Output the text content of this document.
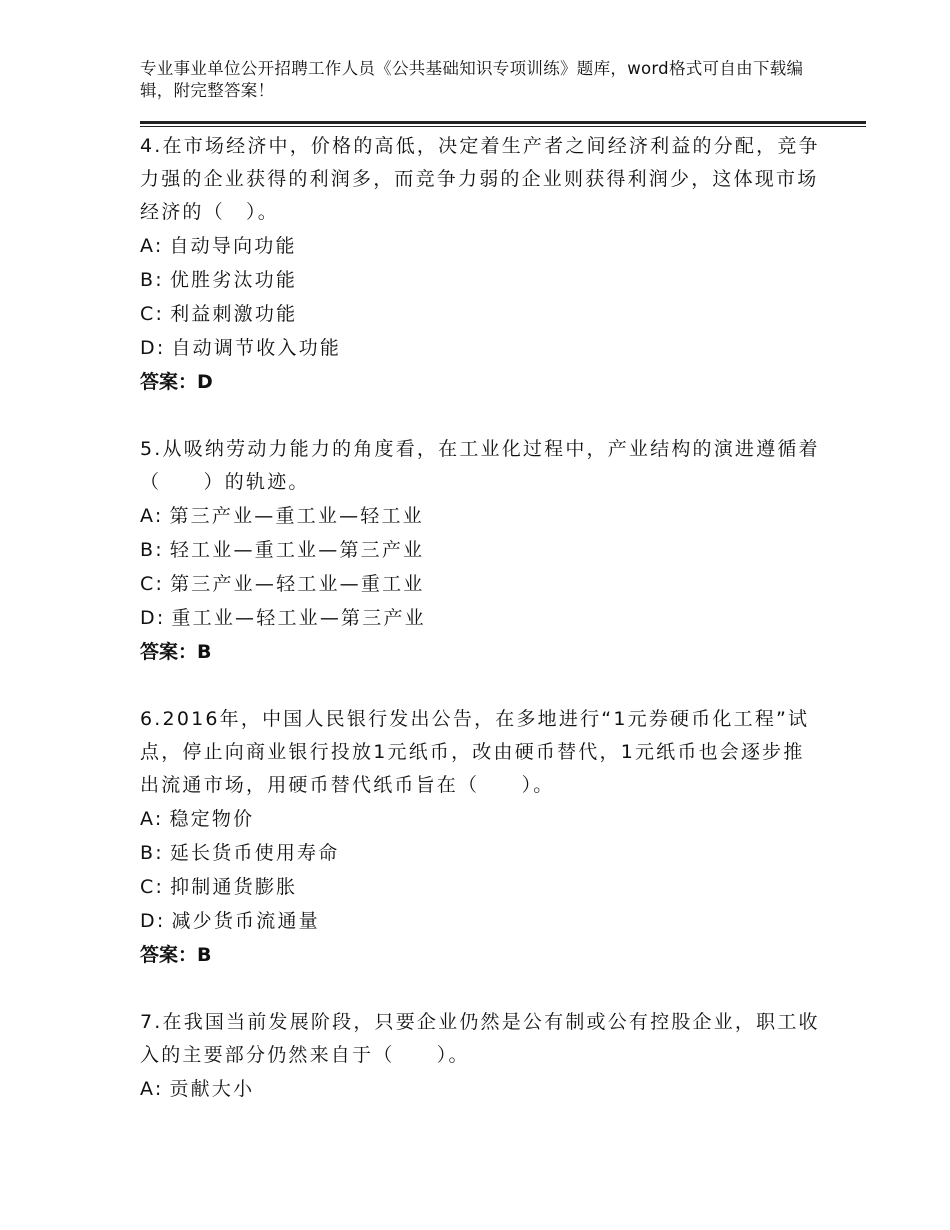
专业事业单位公开招聘工作人员《公共基础知识专项训练》题库，word格式可自由下载编辑，附完整答案！

4.在市场经济中，价格的高低，决定着生产者之间经济利益的分配，竞争力强的企业获得的利润多，而竞争力弱的企业则获得利润少，这体现市场经济的（　）。

A: 自动导向功能

B: 优胜劣汰功能

C: 利益刺激功能

D: 自动调节收入功能

答案：D

5.从吸纳劳动力能力的角度看，在工业化过程中，产业结构的演进遵循着（　　）的轨迹。

A: 第三产业—重工业—轻工业

B: 轻工业—重工业—第三产业

C: 第三产业—轻工业—重工业

D: 重工业—轻工业—第三产业

答案：B

6.2016年，中国人民银行发出公告，在多地进行“1元券硬币化工程”试点，停止向商业银行投放1元纸币，改由硬币替代，1元纸币也会逐步推出流通市场，用硬币替代纸币旨在（　　）。

A: 稳定物价

B: 延长货币使用寿命

C: 抑制通货膨胀

D: 减少货币流通量

答案：B

7.在我国当前发展阶段，只要企业仍然是公有制或公有控股企业，职工收入的主要部分仍然来自于（　　）。

A: 贡献大小
